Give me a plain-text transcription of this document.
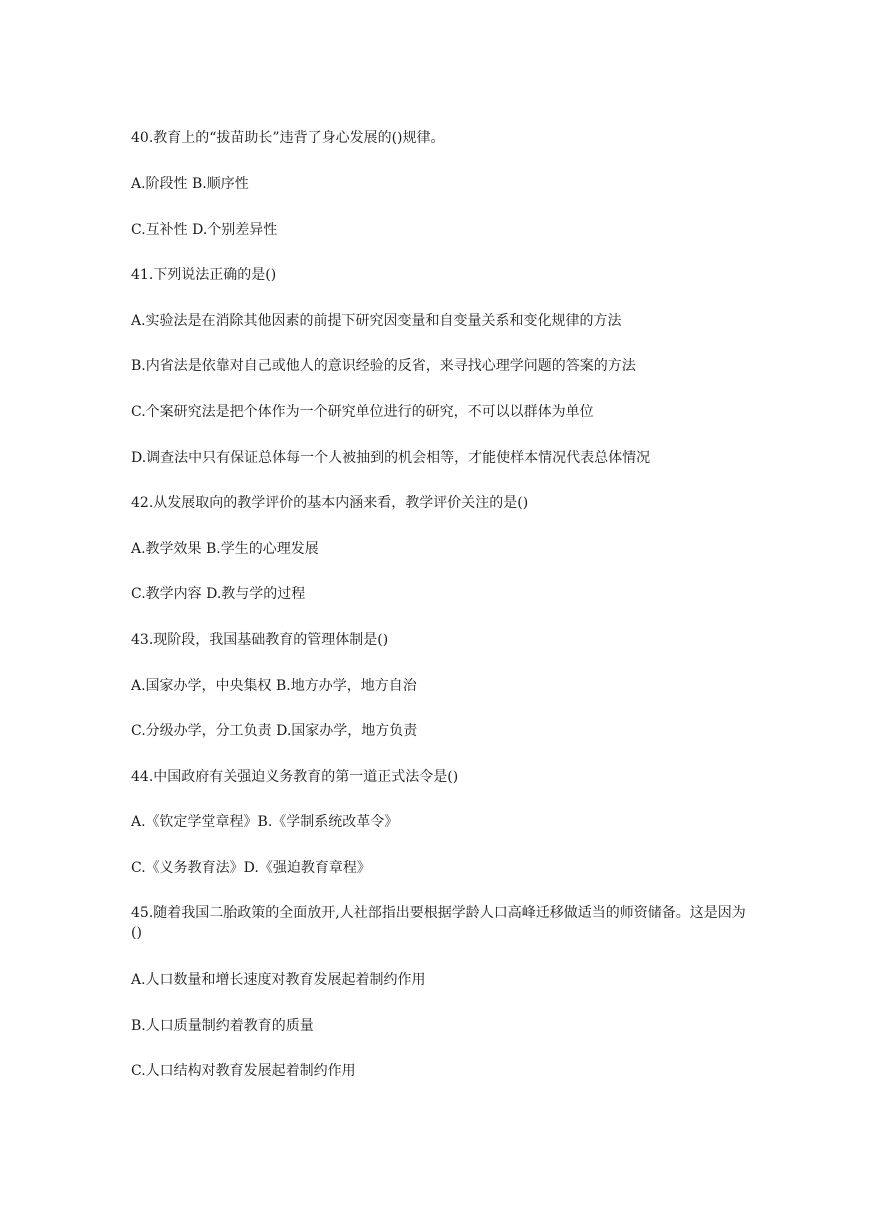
40.教育上的“拔苗助长”违背了身心发展的()规律。
A.阶段性 B.顺序性
C.互补性 D.个别差异性
41.下列说法正确的是()
A.实验法是在消除其他因素的前提下研究因变量和自变量关系和变化规律的方法
B.内省法是依靠对自己或他人的意识经验的反省，来寻找心理学问题的答案的方法
C.个案研究法是把个体作为一个研究单位进行的研究，不可以以群体为单位
D.调查法中只有保证总体每一个人被抽到的机会相等，才能使样本情况代表总体情况
42.从发展取向的教学评价的基本内涵来看，教学评价关注的是()
A.教学效果 B.学生的心理发展
C.教学内容 D.教与学的过程
43.现阶段，我国基础教育的管理体制是()
A.国家办学，中央集权 B.地方办学，地方自治
C.分级办学，分工负责 D.国家办学，地方负责
44.中国政府有关强迫义务教育的第一道正式法令是()
A.《钦定学堂章程》B.《学制系统改革令》
C.《义务教育法》D.《强迫教育章程》
45.随着我国二胎政策的全面放开,人社部指出要根据学龄人口高峰迁移做适当的师资储备。这是因为()
A.人口数量和增长速度对教育发展起着制约作用
B.人口质量制约着教育的质量
C.人口结构对教育发展起着制约作用
